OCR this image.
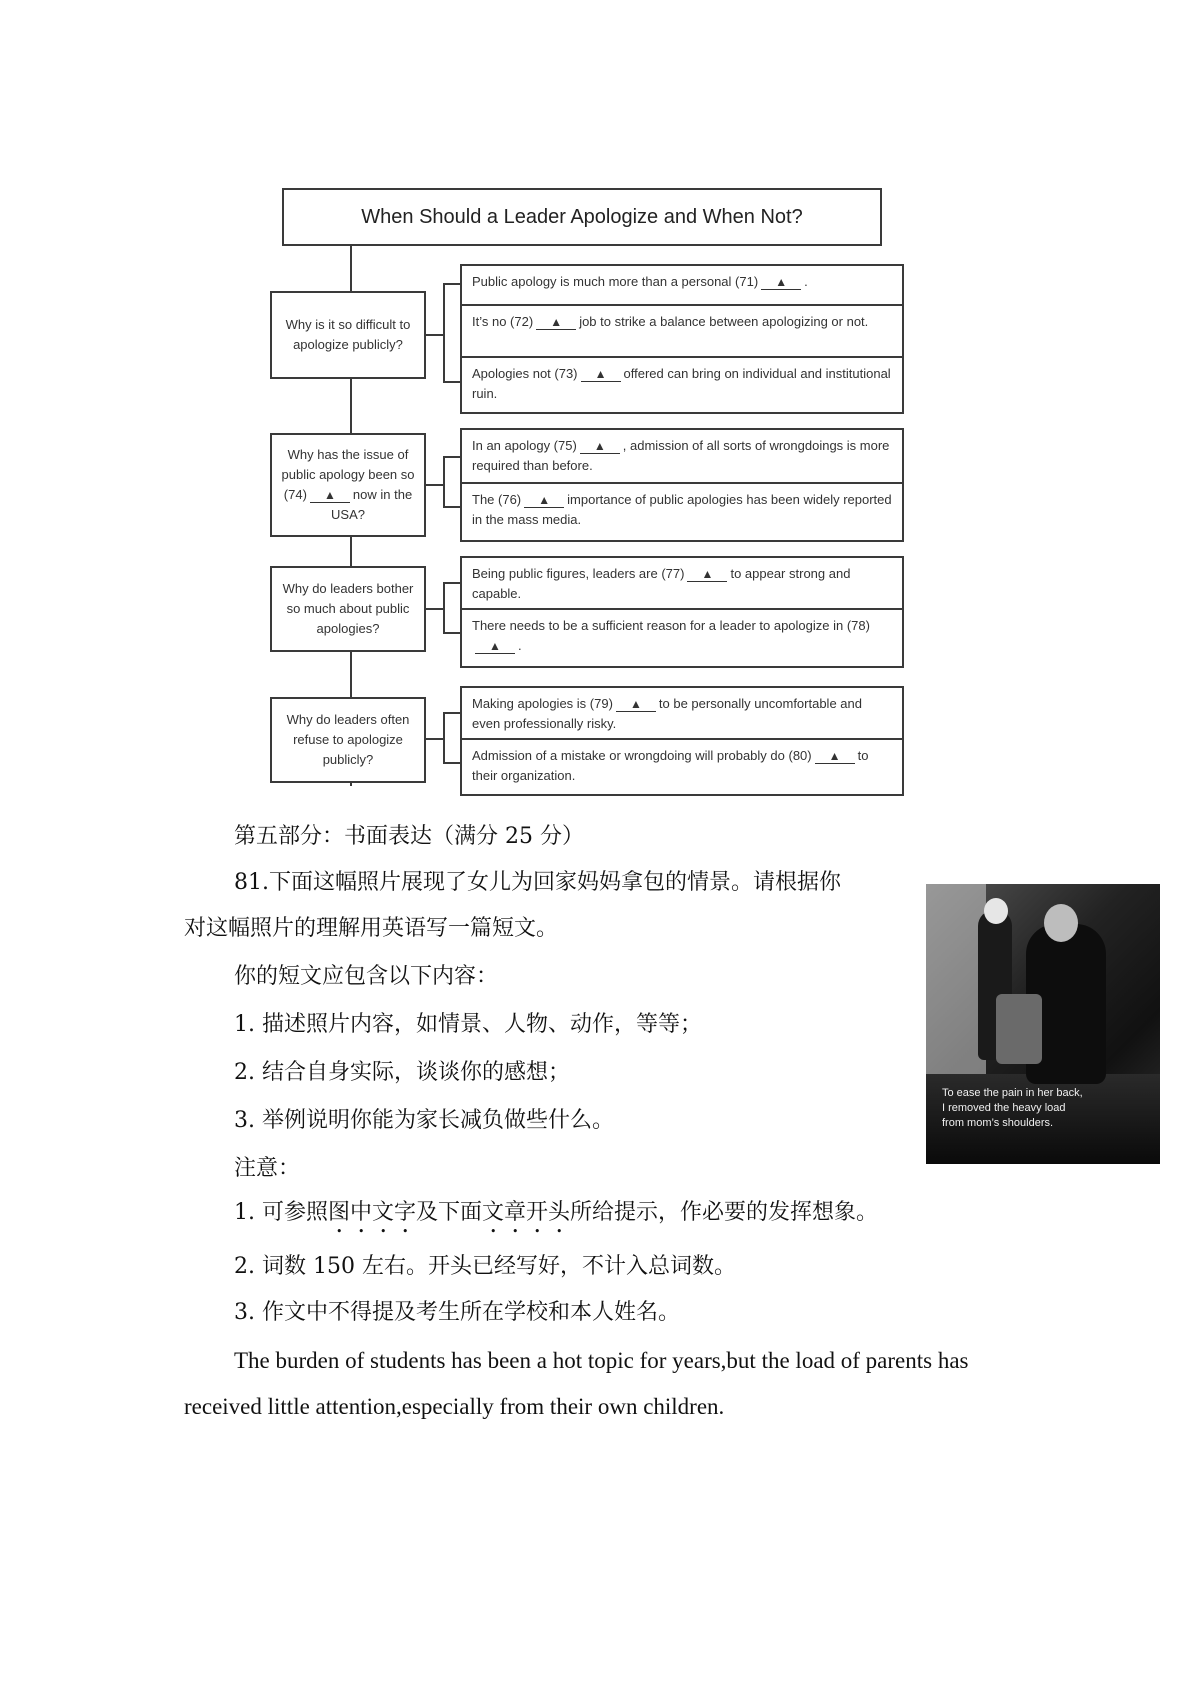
When Should a Leader Apologize and When Not?
Why is it so difficult to apologize publicly?
Public apology is much more than a personal (71) ▲ .
It’s no (72) ▲ job to strike a balance between apologizing or not.
Apologies not (73) ▲ offered can bring on individual and institutional ruin.
Why has the issue of public apology been so (74) ▲ now in the USA?
In an apology (75) ▲ , admission of all sorts of wrongdoings is more required than before.
The (76) ▲ importance of public apologies has been widely reported in the mass media.
Why do leaders bother so much about public apologies?
Being public figures, leaders are (77) ▲ to appear strong and capable.
There needs to be a sufficient reason for a leader to apologize in (78)▲ .
Why do leaders often refuse to apologize publicly?
Making apologies is (79) ▲ to be personally uncomfortable and even professionally risky.
Admission of a mistake or wrongdoing will probably do (80) ▲ to their organization.
第五部分：书面表达（满分 25 分）
81.下面这幅照片展现了女儿为回家妈妈拿包的情景。请根据你
对这幅照片的理解用英语写一篇短文。
你的短文应包含以下内容：
1. 描述照片内容，如情景、人物、动作，等等；
2. 结合自身实际，谈谈你的感想；
3. 举例说明你能为家长减负做些什么。
注意：
1. 可参照图中文字及下面文章开头所给提示，作必要的发挥想象。
2. 词数 150 左右。开头已经写好，不计入总词数。
3. 作文中不得提及考生所在学校和本人姓名。
The burden of students has been a hot topic for years,but the load of parents has
received little attention,especially from their own children.
To ease the pain in her back,
I removed the heavy load
from mom’s shoulders.
